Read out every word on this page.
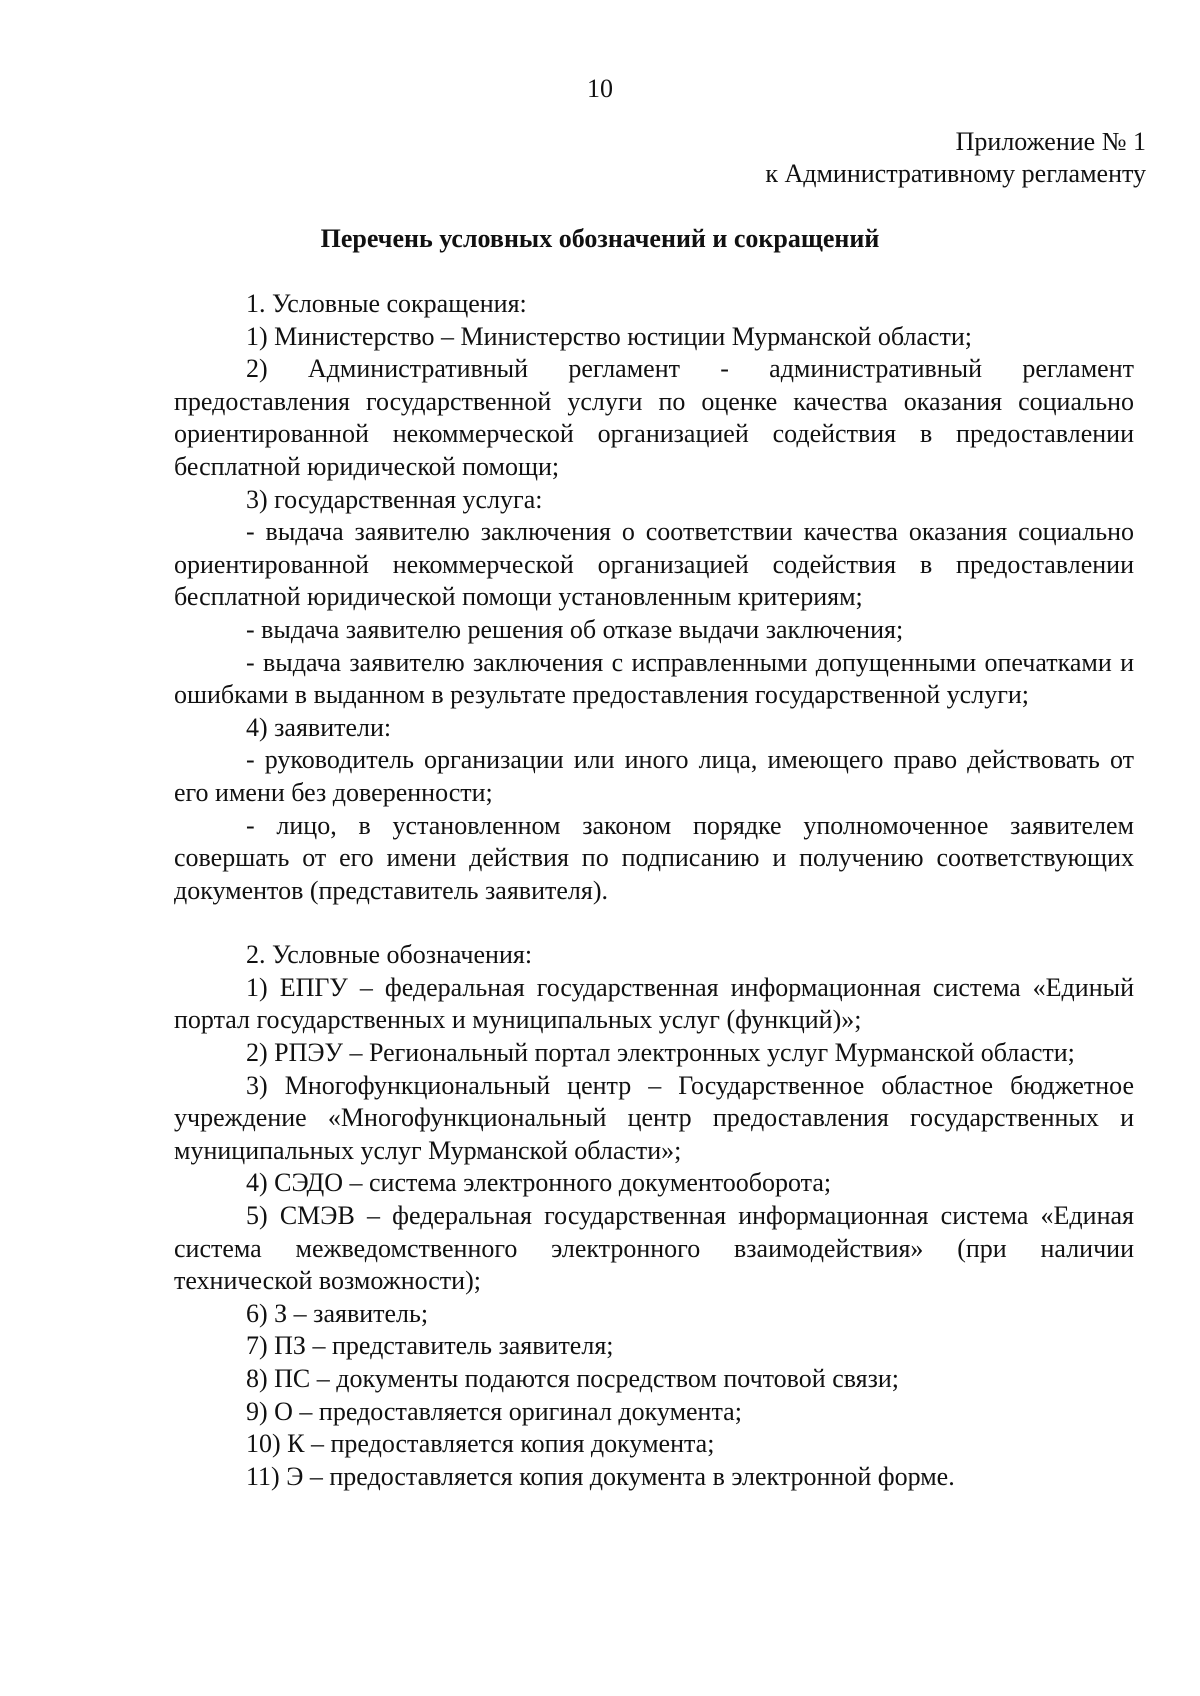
10
Приложение № 1
к Административному регламенту
Перечень условных обозначений и сокращений

1. Условные сокращения:

1) Министерство – Министерство юстиции Мурманской области;

2) Административный регламент - административный регламент предоставления государственной услуги по оценке качества оказания социально ориентированной некоммерческой организацией содействия в предоставлении бесплатной юридической помощи;

3) государственная услуга:

- выдача заявителю заключения о соответствии качества оказания социально ориентированной некоммерческой организацией содействия в предоставлении бесплатной юридической помощи установленным критериям;

- выдача заявителю решения об отказе выдачи заключения;

- выдача заявителю заключения с исправленными допущенными опечатками и ошибками в выданном в результате предоставления государственной услуги;

4) заявители:

- руководитель организации или иного лица, имеющего право действовать от его имени без доверенности;

- лицо, в установленном законом порядке уполномоченное заявителем совершать от его имени действия по подписанию и получению соответствующих документов (представитель заявителя).

2. Условные обозначения:

1) ЕПГУ – федеральная государственная информационная система «Единый портал государственных и муниципальных услуг (функций)»;

2) РПЭУ – Региональный портал электронных услуг Мурманской области;

3) Многофункциональный центр – Государственное областное бюджетное учреждение «Многофункциональный центр предоставления государственных и муниципальных услуг Мурманской области»;

4) СЭДО – система электронного документооборота;

5) СМЭВ – федеральная государственная информационная система «Единая система межведомственного электронного взаимодействия» (при наличии технической возможности);

6) З – заявитель;

7) ПЗ – представитель заявителя;

8) ПС – документы подаются посредством почтовой связи;

9) О – предоставляется оригинал документа;

10) К – предоставляется копия документа;

11) Э – предоставляется копия документа в электронной форме.
